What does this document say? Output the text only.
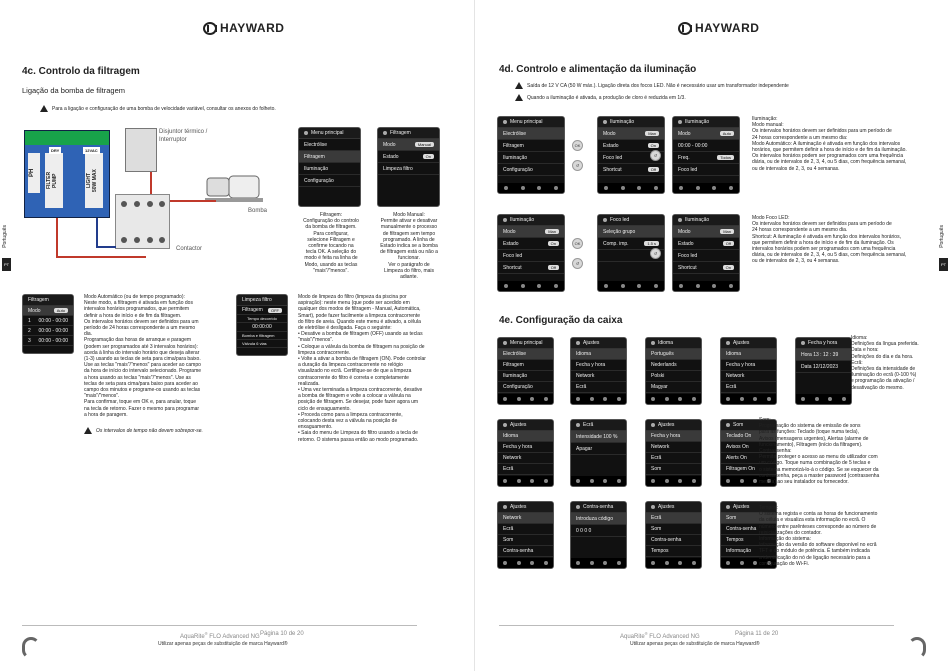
HAYWARD
4c. Controlo da filtragem
Ligação da bomba de filtragem
Para a ligação e configuração de uma bomba de velocidade variável, consultar os anexos do folheto.
PH	FILTER
PUMP	LIGHT
50W MAX
DRY	12VAC
Disjuntor térmico /
Interruptor
Contactor
Bomba
Menu principal
Electrólise
Filtragem
Iluminação
Configuração
Filtragem
Modo	Manual
Estado	On
Limpeza filtro
Filtragem:
Configuração do controlo
da bomba de filtragem.
Para configurar,
selecione Filtragem e
confirme tocando na
tecla OK. A seleção do
modo é feita na linha de
Modo, usando as teclas
"mais"/"menos".
Modo Manual:
Permite ativar e desativar
manualmente o processo
de filtragem sem tempo
programado. A linha de
Estado indica se a bomba
de filtragem está ou não a
funcionar.
Ver o parágrafo de
Limpeza do filtro, mais
adiante.
Filtragem
Modo	Auto
1 00:00 - 00:00
2 00:00 - 00:00
3 00:00 - 00:00
Modo Automático (ou de tempo programado):
Neste modo, a filtragem é ativada em função dos
intervalos horários programados, que permitem
definir a hora de início e de fim da filtragem.
Os intervalos horários devem ser definidos para um
período de 24 horas correspondente a um mesmo
dia.
Programação das horas de arranque e paragem
(podem ser programados até 3 intervalos horários):
aceda à linha do intervalo horário que deseja alterar
(1-3) usando as teclas de seta para cima/para baixo.
Use as teclas "mais"/"menos" para aceder ao campo
da hora de início do intervalo selecionado. Programe
a hora usando as teclas "mais"/"menos". Use as
teclas de seta para cima/para baixo para aceder ao
campo dos minutos e programe-os usando as teclas
"mais"/"menos".
Para confirmar, toque em OK e, para anular, toque
na tecla de retorno. Fazer o mesmo para programar
a hora de paragem.
Os intervalos de tempo não devem sobrepor-se.
Limpeza filtro
Filtragem	OFF
Tempo decorrido
00:00:00
Bomba e filtragem
Válvula 6 vias
Modo de limpeza do filtro (limpeza da piscina por
aspiração): neste menu (que pode ser acedido em
qualquer dos modos de filtragem - Manual, Automática,
Smart), pode fazer facilmente a limpeza contracorrente
do filtro de areia. Quando este menu é ativado, a célula
de eletrólise é desligada. Faça o seguinte:
• Desative a bomba de filtragem (OFF) usando as teclas
"mais"/"menos".
• Coloque a válvula da bomba de filtragem na posição de
limpeza contracorrente.
• Volte a ativar a bomba de filtragem (ON). Pode controlar
a duração da limpeza contracorrente no relógio
visualizado no ecrã. Certifique-se de que a limpeza
contracorrente do filtro é correta e completamente
realizada.
• Uma vez terminada a limpeza contracorrente, desative
a bomba de filtragem e volte a colocar a válvula na
posição de filtragem. Se desejar, pode fazer agora um
ciclo de enxaguamento.
• Proceda como para a limpeza contracorrente,
colocando desta vez a válvula na posição de
enxaguamento.
• Saia do menu de Limpeza do filtro usando a tecla de
retorno. O sistema passa então ao modo programado.
Português
PT
AquaRite® FLO Advanced NG Página 10 de 20
Utilizar apenas peças de substituição de marca Hayward®
HAYWARD
4d. Controlo e alimentação da iluminação
Saída de 12 V CA (50 W máx.). Ligação direta dos focos LED. Não é necessário usar um transformador independente
Quando a iluminação é ativada, a produção de cloro é reduzida em 1/3.
Menu principal
Electrólise
Filtragem
Iluminação
Configuração
Iluminação
Modo	Man
Estado	On
Foco led
Shortcut	Off
Iluminação
Modo	Auto
00:00 - 00:00
Freq.	Todos
Foco led
OK
↺
↺
Iluminação
Modo	Man
Estado	On
Foco led
Shortcut	Off
Foco led
Seleção grupo
Comp. imp.	1.5 s
Iluminação
Modo	Man
Estado	Off
Foco led
Shortcut	On
OK
↺
↺
Iluminação:
Modo manual:
Os intervalos horários devem ser definidos para um período de
24 horas correspondente a um mesmo dia:
Modo Automático: A iluminação é ativada em função dos intervalos
horários, que permitem definir a hora de início e de fim da iluminação.
Os intervalos horários podem ser programados com uma frequência
diária, ou de intervalos de 2, 3, 4, ou 5 dias, com frequência semanal,
ou de intervalos de 2, 3, ou 4 semanas.
Modo Foco LED:
Os intervalos horários devem ser definidos para um período de
24 horas correspondente a um mesmo dia.
Shortcut: A iluminação é ativada em função dos intervalos horários,
que permitem definir a hora de início e de fim da iluminação. Os
intervalos horários podem ser programados com uma frequência
diária, ou de intervalos de 2, 3, 4, ou 5 dias, com frequência semanal,
ou de intervalos de 2, 3, ou 4 semanas.
4e. Configuração da caixa
Menu principal
Electrólise
Filtragem
Iluminação
Configuração
Ajustes
Idioma
Fecha y hora
Network
Ecrã
Idioma
Português
Nederlands
Polski
Magyar
Ajustes
Idioma
Fecha y hora
Network
Ecrã
Fecha y hora
Hora 13 : 12 : 39
Data 12/12/2023
Ajustes
Idioma
Fecha y hora
Network
Ecrã
Ecrã
Intensidade 100 %
Apagar
Ajustes
Fecha y hora
Network
Ecrã
Som
Som
Teclado On
Avisos On
Alerts On
Filtragem On
Ajustes
Network
Ecrã
Som
Contra-senha
Contra-senha
Introduza código
0 0 0 0
Ajustes
Ecrã
Som
Contra-senha
Tempos
Ajustes
Som
Contra-senha
Tempos
Informação
Idioma:
Definições da língua preferida.
Data e hora:
Definições do dia e da hora.
Ecrã:
Definições da intensidade de
iluminação do ecrã (0-100 %)
e programação da ativação /
desativação do mesmo.
Som:
Programação do sistema de emissão de sons
para as funções: Teclado (toque numa tecla),
Avisos (mensagens urgentes), Alertas (alarme de
funcionamento), Filtragem (início da filtragem).
Contrassenha:
Permite proteger o acesso ao menu do utilizador com
um código. Toque numa combinação de 5 teclas e
o sistema memorizá-lo-á o código. Se se esquecer da
contrassenha, peça a master password (contrassenha
mestra) ao seu instalador ou fornecedor.
Tempos:
O sistema regista e conta as horas de funcionamento
da célula e visualiza esta informação no ecrã. O
número entre parênteses corresponde ao número de
reinicializações do contador.
Informação do sistema:
Informação da versão do software disponível no ecrã
TFT e do módulo de potência. É também indicada
a identificação do nó de ligação necessário para a
configuração do Wi-Fi.
Português
PT
AquaRite® FLO Advanced NG	Página 11 de 20
Utilizar apenas peças de substituição de marca Hayward®
